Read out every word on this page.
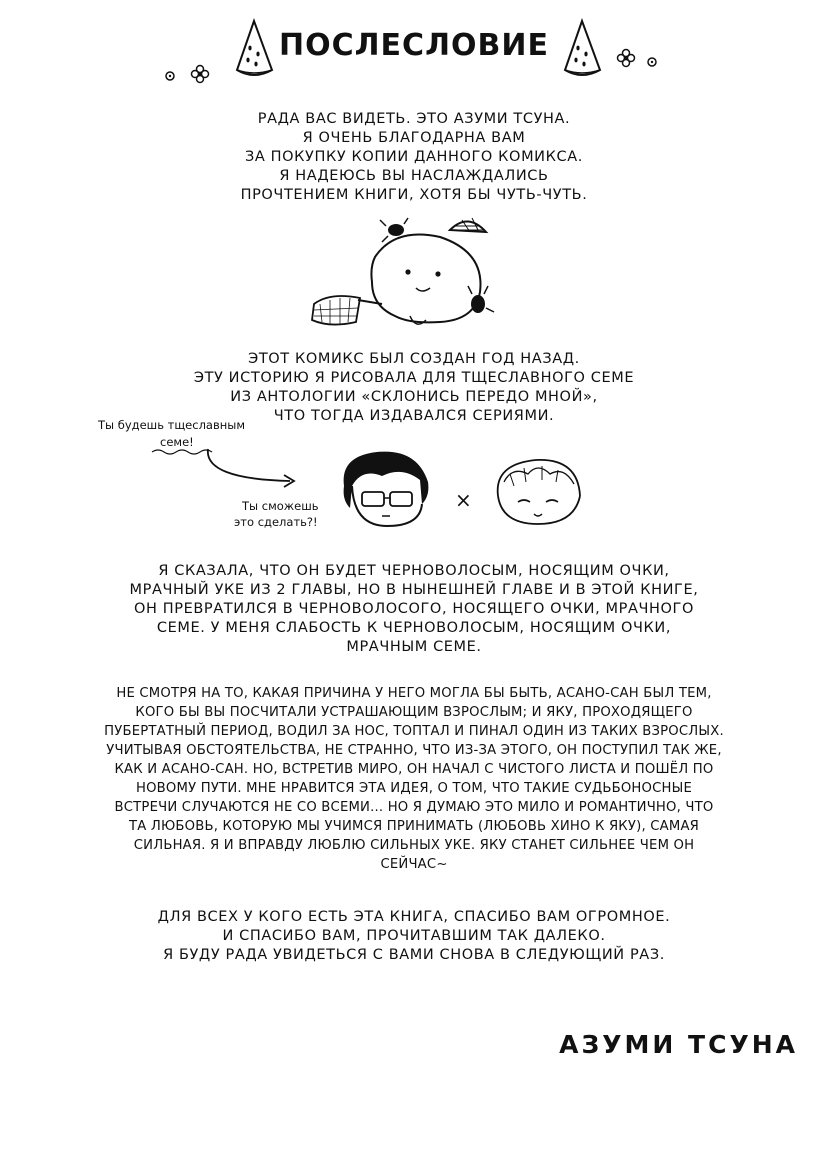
ПОСЛЕСЛОВИЕ
РАДА ВАС ВИДЕТЬ. ЭТО АЗУМИ ТСУНА.
Я ОЧЕНЬ БЛАГОДАРНА ВАМ
ЗА ПОКУПКУ КОПИИ ДАННОГО КОМИКСА.
Я НАДЕЮСЬ ВЫ НАСЛАЖДАЛИСЬ
ПРОЧТЕНИЕМ КНИГИ, ХОТЯ БЫ ЧУТЬ-ЧУТЬ.
ЭТОТ КОМИКС БЫЛ СОЗДАН ГОД НАЗАД.
ЭТУ ИСТОРИЮ Я РИСОВАЛА ДЛЯ ТЩЕСЛАВНОГО СЕМЕ
ИЗ АНТОЛОГИИ «СКЛОНИСЬ ПЕРЕДО МНОЙ»,
ЧТО ТОГДА ИЗДАВАЛСЯ СЕРИЯМИ.
Ты будешь тщеславным
семе!
Ты сможешь
это сделать?!
×
Я СКАЗАЛА, ЧТО ОН БУДЕТ ЧЕРНОВОЛОСЫМ, НОСЯЩИМ ОЧКИ,
МРАЧНЫЙ УКЕ ИЗ 2 ГЛАВЫ, НО В НЫНЕШНЕЙ ГЛАВЕ И В ЭТОЙ КНИГЕ,
ОН ПРЕВРАТИЛСЯ В ЧЕРНОВОЛОСОГО, НОСЯЩЕГО ОЧКИ, МРАЧНОГО
СЕМЕ. У МЕНЯ СЛАБОСТЬ К ЧЕРНОВОЛОСЫМ, НОСЯЩИМ ОЧКИ,
МРАЧНЫМ СЕМЕ.
НЕ СМОТРЯ НА ТО, КАКАЯ ПРИЧИНА У НЕГО МОГЛА БЫ БЫТЬ, АСАНО-САН БЫЛ ТЕМ,
КОГО БЫ ВЫ ПОСЧИТАЛИ УСТРАШАЮЩИМ ВЗРОСЛЫМ; И ЯКУ, ПРОХОДЯЩЕГО
ПУБЕРТАТНЫЙ ПЕРИОД, ВОДИЛ ЗА НОС, ТОПТАЛ И ПИНАЛ ОДИН ИЗ ТАКИХ ВЗРОСЛЫХ.
УЧИТЫВАЯ ОБСТОЯТЕЛЬСТВА, НЕ СТРАННО, ЧТО ИЗ-ЗА ЭТОГО, ОН ПОСТУПИЛ ТАК ЖЕ,
КАК И АСАНО-САН. НО, ВСТРЕТИВ МИРО, ОН НАЧАЛ С ЧИСТОГО ЛИСТА И ПОШЁЛ ПО
НОВОМУ ПУТИ. МНЕ НРАВИТСЯ ЭТА ИДЕЯ, О ТОМ, ЧТО ТАКИЕ СУДЬБОНОСНЫЕ
ВСТРЕЧИ СЛУЧАЮТСЯ НЕ СО ВСЕМИ... НО Я ДУМАЮ ЭТО МИЛО И РОМАНТИЧНО, ЧТО
ТА ЛЮБОВЬ, КОТОРУЮ МЫ УЧИМСЯ ПРИНИМАТЬ (ЛЮБОВЬ ХИНО К ЯКУ), САМАЯ
СИЛЬНАЯ. Я И ВПРАВДУ ЛЮБЛЮ СИЛЬНЫХ УКЕ. ЯКУ СТАНЕТ СИЛЬНЕЕ ЧЕМ ОН
СЕЙЧАС~
ДЛЯ ВСЕХ У КОГО ЕСТЬ ЭТА КНИГА, СПАСИБО ВАМ ОГРОМНОЕ.
И СПАСИБО ВАМ, ПРОЧИТАВШИМ ТАК ДАЛЕКО.
Я БУДУ РАДА УВИДЕТЬСЯ С ВАМИ СНОВА В СЛЕДУЮЩИЙ РАЗ.
АЗУМИ ТСУНА
